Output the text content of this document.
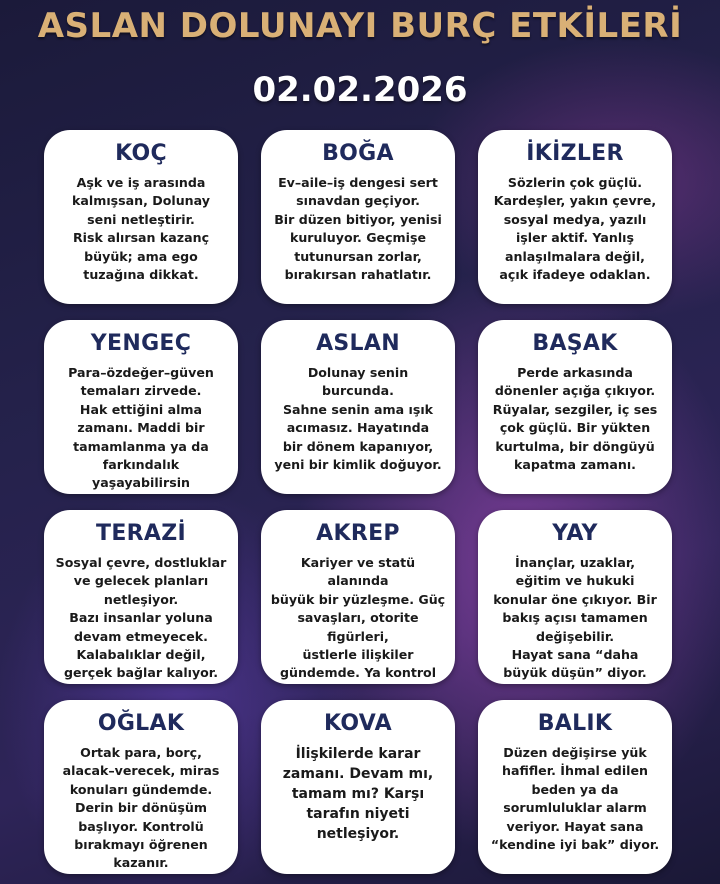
ASLAN DOLUNAYI BURÇ ETKİLERİ
02.02.2026
KOÇ
Aşk ve iş arasında
kalmışsan, Dolunay
seni netleştirir.
Risk alırsan kazanç
büyük; ama ego
tuzağına dikkat.
BOĞA
Ev–aile–iş dengesi sert
sınavdan geçiyor.
Bir düzen bitiyor, yenisi
kuruluyor. Geçmişe
tutunursan zorlar,
bırakırsan rahatlatır.
İKİZLER
Sözlerin çok güçlü.
Kardeşler, yakın çevre,
sosyal medya, yazılı
işler aktif. Yanlış
anlaşılmalara değil,
açık ifadeye odaklan.
YENGEÇ
Para–özdeğer–güven
temaları zirvede.
Hak ettiğini alma
zamanı. Maddi bir
tamamlanma ya da
farkındalık
yaşayabilirsin
ASLAN
Dolunay senin
burcunda.
Sahne senin ama ışık
acımasız. Hayatında
bir dönem kapanıyor,
yeni bir kimlik doğuyor.
BAŞAK
Perde arkasında
dönenler açığa çıkıyor.
Rüyalar, sezgiler, iç ses
çok güçlü. Bir yükten
kurtulma, bir döngüyü
kapatma zamanı.
TERAZİ
Sosyal çevre, dostluklar
ve gelecek planları
netleşiyor.
Bazı insanlar yoluna
devam etmeyecek.
Kalabalıklar değil,
gerçek bağlar kalıyor.
AKREP
Kariyer ve statü alanında
büyük bir yüzleşme. Güç
savaşları, otorite figürleri,
üstlerle ilişkiler
gündemde. Ya kontrol

YAY
İnançlar, uzaklar,
eğitim ve hukuki
konular öne çıkıyor. Bir
bakış açısı tamamen
değişebilir.
Hayat sana “daha
büyük düşün” diyor.
OĞLAK
Ortak para, borç,
alacak–verecek, miras
konuları gündemde.
Derin bir dönüşüm
başlıyor. Kontrolü
bırakmayı öğrenen
kazanır.
KOVA
İlişkilerde karar
zamanı. Devam mı,
tamam mı? Karşı
tarafın niyeti
netleşiyor.
BALIK
Düzen değişirse yük
hafifler. İhmal edilen
beden ya da
sorumluluklar alarm
veriyor. Hayat sana
“kendine iyi bak” diyor.
